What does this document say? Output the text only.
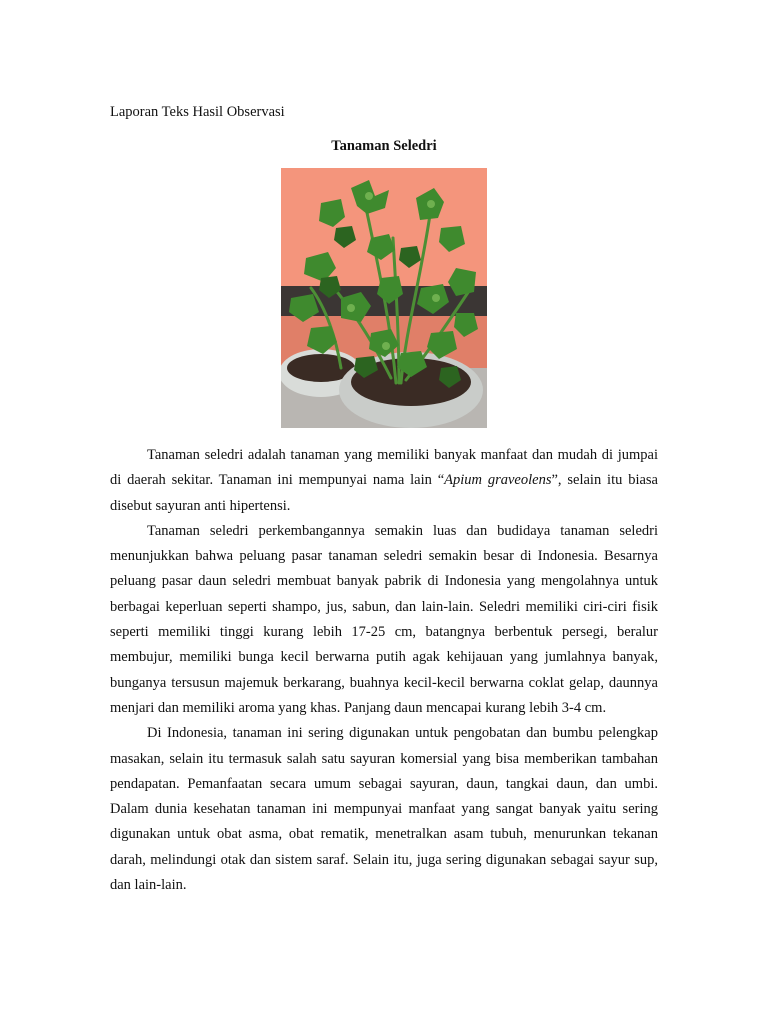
Laporan Teks Hasil Observasi
Tanaman Seledri

Tanaman seledri adalah tanaman yang memiliki banyak manfaat dan mudah di jumpai di daerah sekitar. Tanaman ini mempunyai nama lain “Apium graveolens”, selain itu biasa disebut sayuran anti hipertensi.

Tanaman seledri perkembangannya semakin luas dan budidaya tanaman seledri menunjukkan bahwa peluang pasar tanaman seledri semakin besar di Indonesia. Besarnya peluang pasar daun seledri membuat banyak pabrik di Indonesia yang mengolahnya untuk berbagai keperluan seperti shampo, jus, sabun, dan lain-lain. Seledri memiliki ciri-ciri fisik seperti memiliki tinggi kurang lebih 17-25 cm, batangnya berbentuk persegi, beralur membujur, memiliki bunga kecil berwarna putih agak kehijauan yang jumlahnya banyak, bunganya tersusun majemuk berkarang, buahnya kecil-kecil berwarna coklat gelap, daunnya menjari dan memiliki aroma yang khas. Panjang daun mencapai kurang lebih 3-4 cm.

Di Indonesia, tanaman ini sering digunakan untuk pengobatan dan bumbu pelengkap masakan, selain itu termasuk salah satu sayuran komersial yang bisa memberikan tambahan pendapatan. Pemanfaatan secara umum sebagai sayuran, daun, tangkai daun, dan umbi. Dalam dunia kesehatan tanaman ini mempunyai manfaat yang sangat banyak yaitu sering digunakan untuk obat asma, obat rematik, menetralkan asam tubuh, menurunkan tekanan darah, melindungi otak dan sistem saraf. Selain itu, juga sering digunakan sebagai sayur sup, dan lain-lain.
